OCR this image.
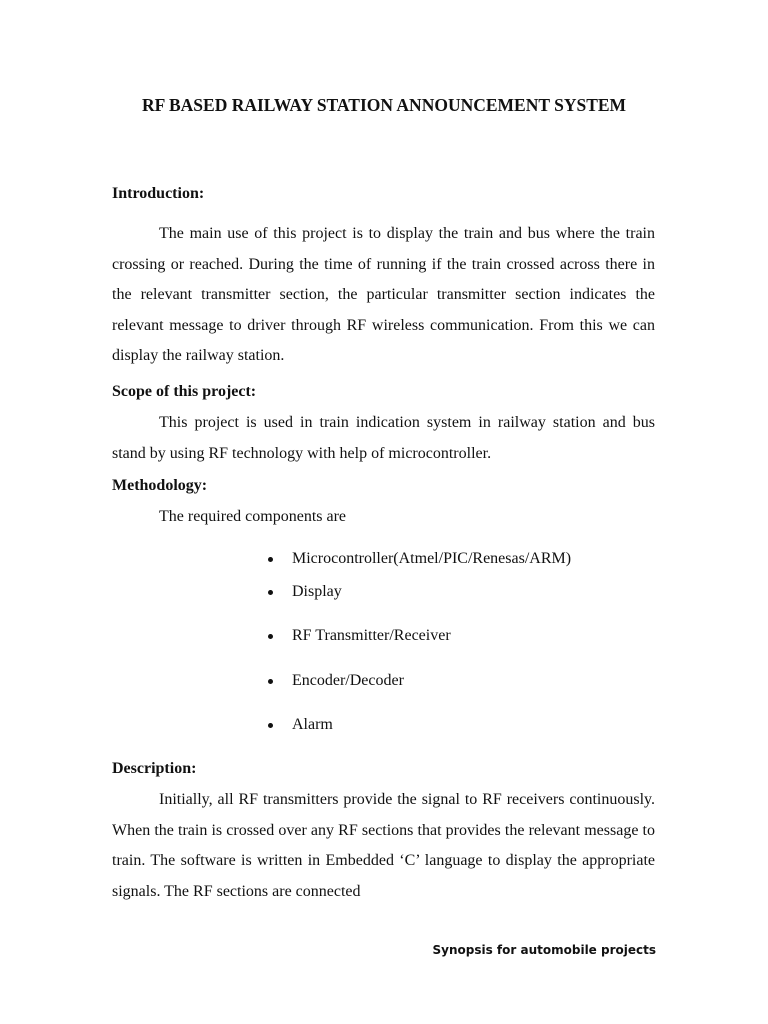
RF BASED RAILWAY STATION ANNOUNCEMENT SYSTEM
Introduction:

The main use of this project is to display the train and bus where the train crossing or reached. During the time of running if the train crossed across there in the relevant transmitter section, the particular transmitter section indicates the relevant message to driver through RF wireless communication. From this we can display the railway station.

Scope of this project:

This project is used in train indication system in railway station and bus stand by using RF technology with help of microcontroller.

Methodology:

The required components are

Microcontroller(Atmel/PIC/Renesas/ARM)
Display
RF Transmitter/Receiver
Encoder/Decoder
Alarm
Description:

Initially, all RF transmitters provide the signal to RF receivers continuously. When the train is crossed over any RF sections that provides the relevant message to train. The software is written in Embedded ‘C’ language to display the appropriate signals. The RF sections are connected

Synopsis for automobile projects
